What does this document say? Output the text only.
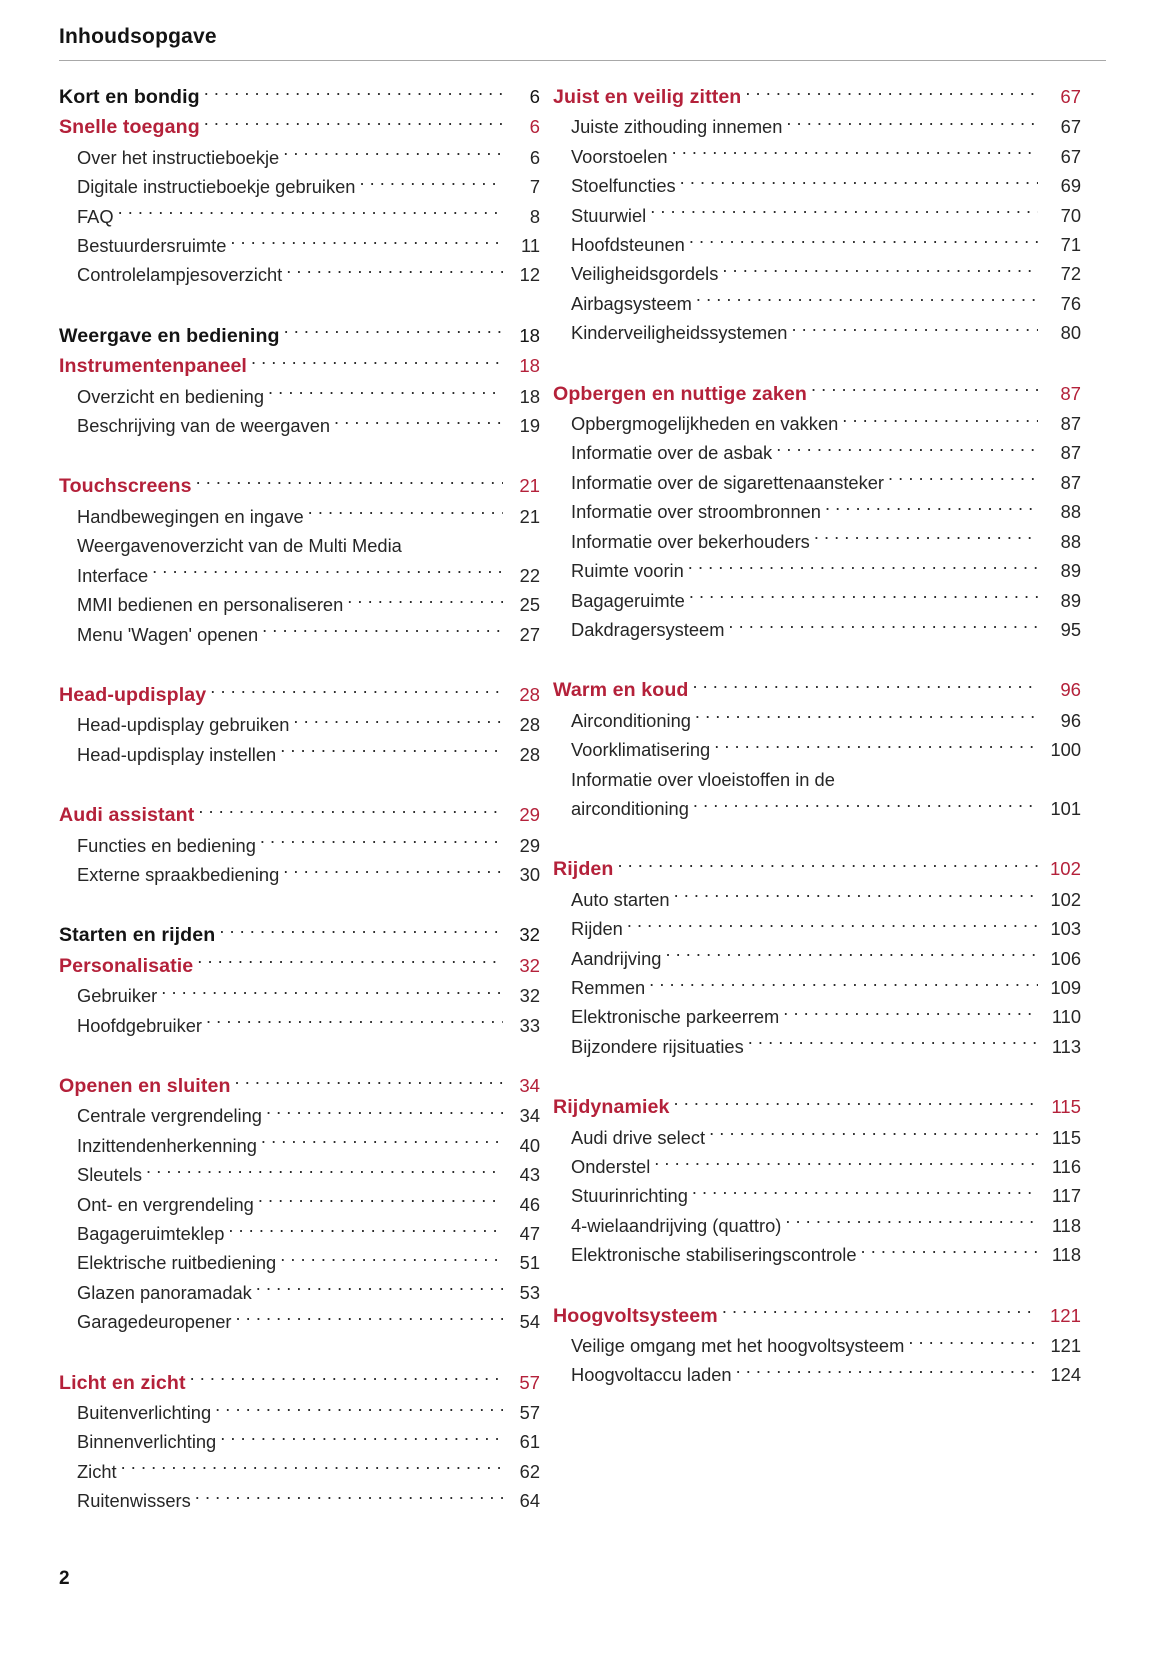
Inhoudsopgave
Kort en bondig . . .	6
Snelle toegang . . .	6
Over het instructieboekje . . .	6
Digitale instructieboekje gebruiken . . .	7
FAQ . . .	8
Bestuurdersruimte . . .	11
Controlelampjesoverzicht . . .	12
Weergave en bediening . . .	18
Instrumentenpaneel . . .	18
Overzicht en bediening . . .	18
Beschrijving van de weergaven . . .	19
Touchscreens . . .	21
Handbewegingen en ingave . . .	21
Weergavenoverzicht van de Multi Media
Interface . . .	22
MMI bedienen en personaliseren . . .	25
Menu 'Wagen' openen . . .	27
Head-updisplay . . .	28
Head-updisplay gebruiken . . .	28
Head-updisplay instellen . . .	28
Audi assistant . . .	29
Functies en bediening . . .	29
Externe spraakbediening . . .	30
Starten en rijden . . .	32
Personalisatie . . .	32
Gebruiker . . .	32
Hoofdgebruiker . . .	33
Openen en sluiten . . .	34
Centrale vergrendeling . . .	34
Inzittendenherkenning . . .	40
Sleutels . . .	43
Ont- en vergrendeling . . .	46
Bagageruimteklep . . .	47
Elektrische ruitbediening . . .	51
Glazen panoramadak . . .	53
Garagedeuropener . . .	54
Licht en zicht . . .	57
Buitenverlichting . . .	57
Binnenverlichting . . .	61
Zicht . . .	62
Ruitenwissers . . .	64
Juist en veilig zitten . . .	67
Juiste zithouding innemen . . .	67
Voorstoelen . . .	67
Stoelfuncties . . .	69
Stuurwiel . . .	70
Hoofdsteunen . . .	71
Veiligheidsgordels . . .	72
Airbagsysteem . . .	76
Kinderveiligheidssystemen . . .	80
Opbergen en nuttige zaken . . .	87
Opbergmogelijkheden en vakken . . .	87
Informatie over de asbak . . .	87
Informatie over de sigarettenaansteker . . .	87
Informatie over stroombronnen . . .	88
Informatie over bekerhouders . . .	88
Ruimte voorin . . .	89
Bagageruimte . . .	89
Dakdragersysteem . . .	95
Warm en koud . . .	96
Airconditioning . . .	96
Voorklimatisering . . .	100
Informatie over vloeistoffen in de
airconditioning . . .	101
Rijden . . .	102
Auto starten . . .	102
Rijden . . .	103
Aandrijving . . .	106
Remmen . . .	109
Elektronische parkeerrem . . .	110
Bijzondere rijsituaties . . .	113
Rijdynamiek . . .	115
Audi drive select . . .	115
Onderstel . . .	116
Stuurinrichting . . .	117
4-wielaandrijving (quattro) . . .	118
Elektronische stabiliseringscontrole . . .	118
Hoogvoltsysteem . . .	121
Veilige omgang met het hoogvoltsysteem . . .	121
Hoogvoltaccu laden . . .	124
2
